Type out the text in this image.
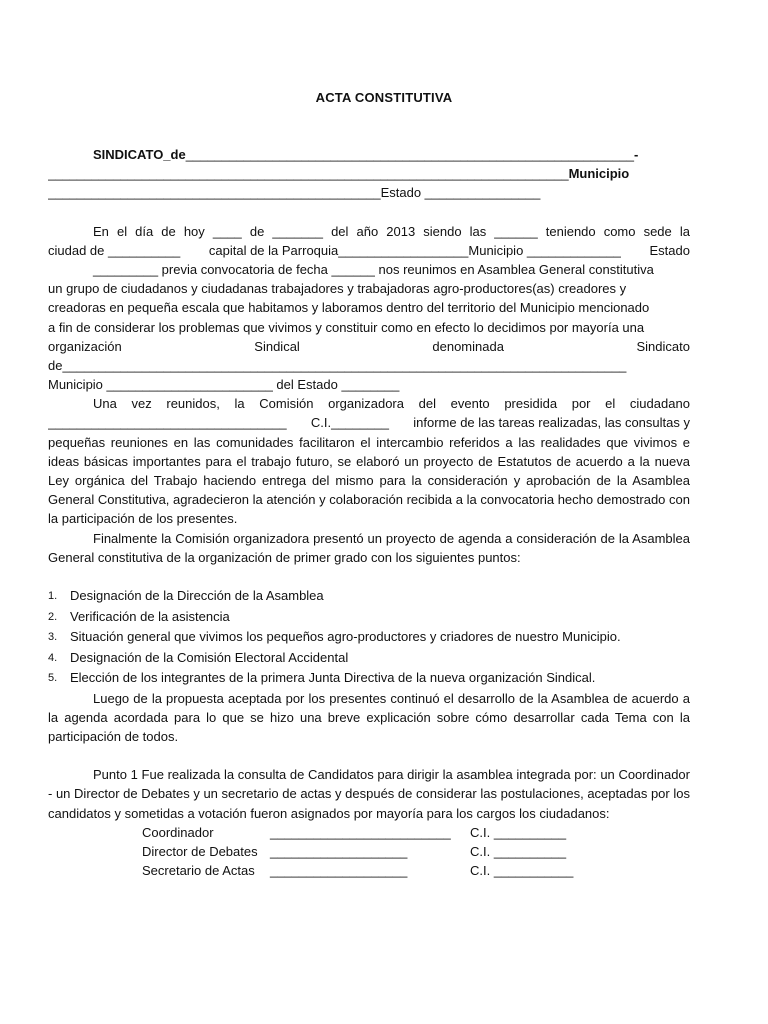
ACTA CONSTITUTIVA
SINDICATO_de______________________________________________________________-
________________________________________________________________________Municipio
______________________________________________Estado ________________
En el día de hoy ____ de _______ del año 2013 siendo las ______ teniendo como sede la
ciudad de __________ capital de la Parroquia__________________Municipio _____________ Estado
_________ previa convocatoria de fecha ______ nos reunimos en Asamblea General constitutiva
un grupo de ciudadanos y ciudadanas trabajadores y trabajadoras agro-productores(as) creadores y
creadoras en pequeña escala que habitamos y laboramos dentro del territorio del Municipio mencionado
a fin de considerar los problemas que vivimos y constituir como en efecto lo decidimos por mayoría una
organización	Sindical	denominada	Sindicato
de______________________________________________________________________________
Municipio _______________________ del Estado ________
Una vez reunidos, la Comisión organizadora del evento presidida por el ciudadano
_________________________________ C.I.________ informe de las tareas realizadas, las consultas y

pequeñas reuniones en las comunidades facilitaron el intercambio referidos a las realidades que vivimos e ideas básicas importantes para el trabajo futuro, se elaboró un proyecto de Estatutos de acuerdo a la nueva Ley orgánica del Trabajo haciendo entrega del mismo para la consideración y aprobación de la Asamblea General Constitutiva, agradecieron la atención y colaboración recibida a la convocatoria hecho demostrado con la participación de los presentes.

Finalmente la Comisión organizadora presentó un proyecto de agenda a consideración de la Asamblea General constitutiva de la organización de primer grado con los siguientes puntos:

1. Designación de la Dirección de la Asamblea
2. Verificación de la asistencia
3. Situación general que vivimos los pequeños agro-productores y criadores de nuestro Municipio.
4. Designación de la Comisión Electoral Accidental
5. Elección de los integrantes de la primera Junta Directiva de la nueva organización Sindical.

Luego de la propuesta aceptada por los presentes continuó el desarrollo de la Asamblea de acuerdo a la agenda acordada para lo que se hizo una breve explicación sobre cómo desarrollar cada Tema con la participación de todos.

Punto 1 Fue realizada la consulta de Candidatos para dirigir la asamblea integrada por: un Coordinador - un Director de Debates y un secretario de actas y después de considerar las postulaciones, aceptadas por los candidatos y sometidas a votación fueron asignados por mayoría para los cargos los ciudadanos:

Coordinador	_________________________	C.I. __________
Director de Debates ___________________	C.I. __________
Secretario de Actas	___________________	C.I. ___________
